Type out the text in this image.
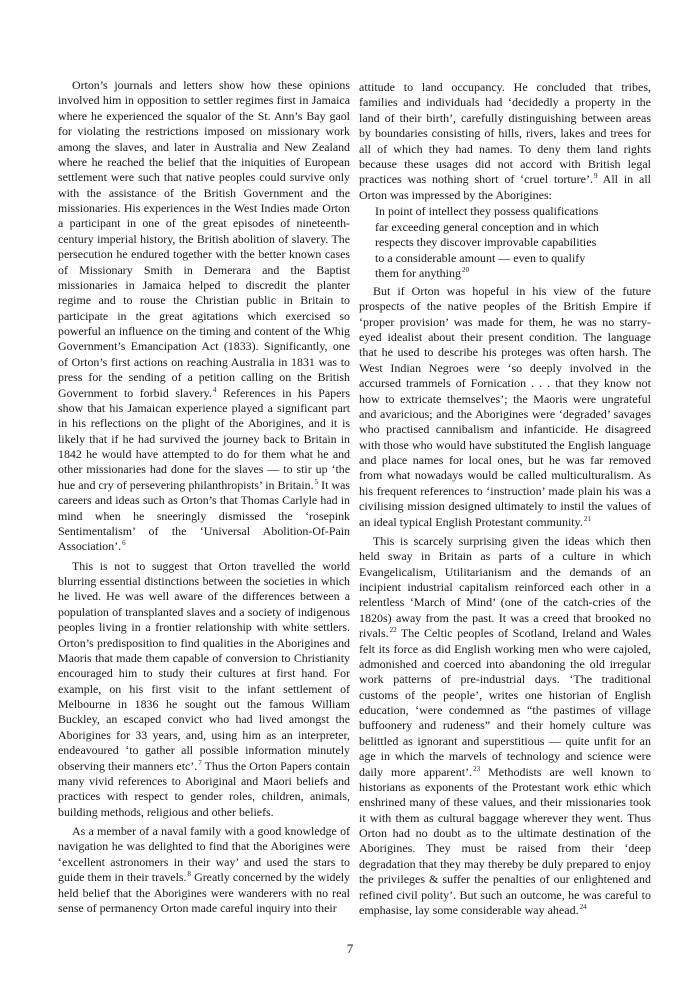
Orton’s journals and letters show how these opinions involved him in opposition to settler regimes first in Jamaica where he experienced the squalor of the St. Ann’s Bay gaol for violating the restrictions imposed on missionary work among the slaves, and later in Australia and New Zealand where he reached the belief that the iniquities of European settlement were such that native peoples could survive only with the assistance of the British Government and the missionaries. His experiences in the West Indies made Orton a participant in one of the great episodes of nineteenth-century imperial history, the British abolition of slavery. The persecution he endured together with the better known cases of Missionary Smith in Demerara and the Baptist missionaries in Jamaica helped to discredit the planter regime and to rouse the Christian public in Britain to participate in the great agitations which exercised so powerful an influence on the timing and content of the Whig Government’s Emancipation Act (1833). Significantly, one of Orton’s first actions on reaching Australia in 1831 was to press for the sending of a petition calling on the British Government to forbid slavery.$^4$ References in his Papers show that his Jamaican experience played a significant part in his reflections on the plight of the Aborigines, and it is likely that if he had survived the journey back to Britain in 1842 he would have attempted to do for them what he and other missionaries had done for the slaves — to stir up ‘the hue and cry of persevering philanthropists’ in Britain.$^5$ It was careers and ideas such as Orton’s that Thomas Carlyle had in mind when he sneeringly dismissed the ‘rosepink Sentimentalism’ of the ‘Universal Abolition-Of-Pain Association’.$^6$

This is not to suggest that Orton travelled the world blurring essential distinctions between the societies in which he lived. He was well aware of the differences between a population of transplanted slaves and a society of indigenous peoples living in a frontier relationship with white settlers. Orton’s predisposition to find qualities in the Aborigines and Maoris that made them capable of conversion to Christianity encouraged him to study their cultures at first hand. For example, on his first visit to the infant settlement of Melbourne in 1836 he sought out the famous William Buckley, an escaped convict who had lived amongst the Aborigines for 33 years, and, using him as an interpreter, endeavoured ‘to gather all possible information minutely observing their manners etc’.$^7$ Thus the Orton Papers contain many vivid references to Aboriginal and Maori beliefs and practices with respect to gender roles, children, animals, building methods, religious and other beliefs.

As a member of a naval family with a good knowledge of navigation he was delighted to find that the Aborigines were ‘excellent astronomers in their way’ and used the stars to guide them in their travels.$^8$ Greatly concerned by the widely held belief that the Aborigines were wanderers with no real sense of permanency Orton made careful inquiry into their

attitude to land occupancy. He concluded that tribes, families and individuals had ‘decidedly a property in the land of their birth’, carefully distinguishing between areas by boundaries consisting of hills, rivers, lakes and trees for all of which they had names. To deny them land rights because these usages did not accord with British legal practices was nothing short of ‘cruel torture’.$^9$ All in all Orton was impressed by the Aborigines:

In point of intellect they possess qualifications
far exceeding general conception and in which
respects they discover improvable capabilities
to a considerable amount — even to qualify
them for anything$^{20}$

But if Orton was hopeful in his view of the future prospects of the native peoples of the British Empire if ‘proper provision’ was made for them, he was no starry-eyed idealist about their present condition. The language that he used to describe his proteges was often harsh. The West Indian Negroes were ‘so deeply involved in the accursed trammels of Fornication . . . that they know not how to extricate themselves’; the Maoris were ungrateful and avaricious; and the Aborigines were ‘degraded’ savages who practised cannibalism and infanticide. He disagreed with those who would have substituted the English language and place names for local ones, but he was far removed from what nowadays would be called multiculturalism. As his frequent references to ‘instruction’ made plain his was a civilising mission designed ultimately to instil the values of an ideal typical English Protestant community.$^{21}$

This is scarcely surprising given the ideas which then held sway in Britain as parts of a culture in which Evangelicalism, Utilitarianism and the demands of an incipient industrial capitalism reinforced each other in a relentless ‘March of Mind’ (one of the catch-cries of the 1820s) away from the past. It was a creed that brooked no rivals.$^{22}$ The Celtic peoples of Scotland, Ireland and Wales felt its force as did English working men who were cajoled, admonished and coerced into abandoning the old irregular work patterns of pre-industrial days. ‘The traditional customs of the people’, writes one historian of English education, ‘were condemned as “the pastimes of village buffoonery and rudeness” and their homely culture was belittled as ignorant and superstitious — quite unfit for an age in which the marvels of technology and science were daily more apparent’.$^{23}$ Methodists are well known to historians as exponents of the Protestant work ethic which enshrined many of these values, and their missionaries took it with them as cultural baggage wherever they went. Thus Orton had no doubt as to the ultimate destination of the Aborigines. They must be raised from their ‘deep degradation that they may thereby be duly prepared to enjoy the privileges & suffer the penalties of our enlightened and refined civil polity’. But such an outcome, he was careful to emphasise, lay some considerable way ahead.$^{24}$

7
